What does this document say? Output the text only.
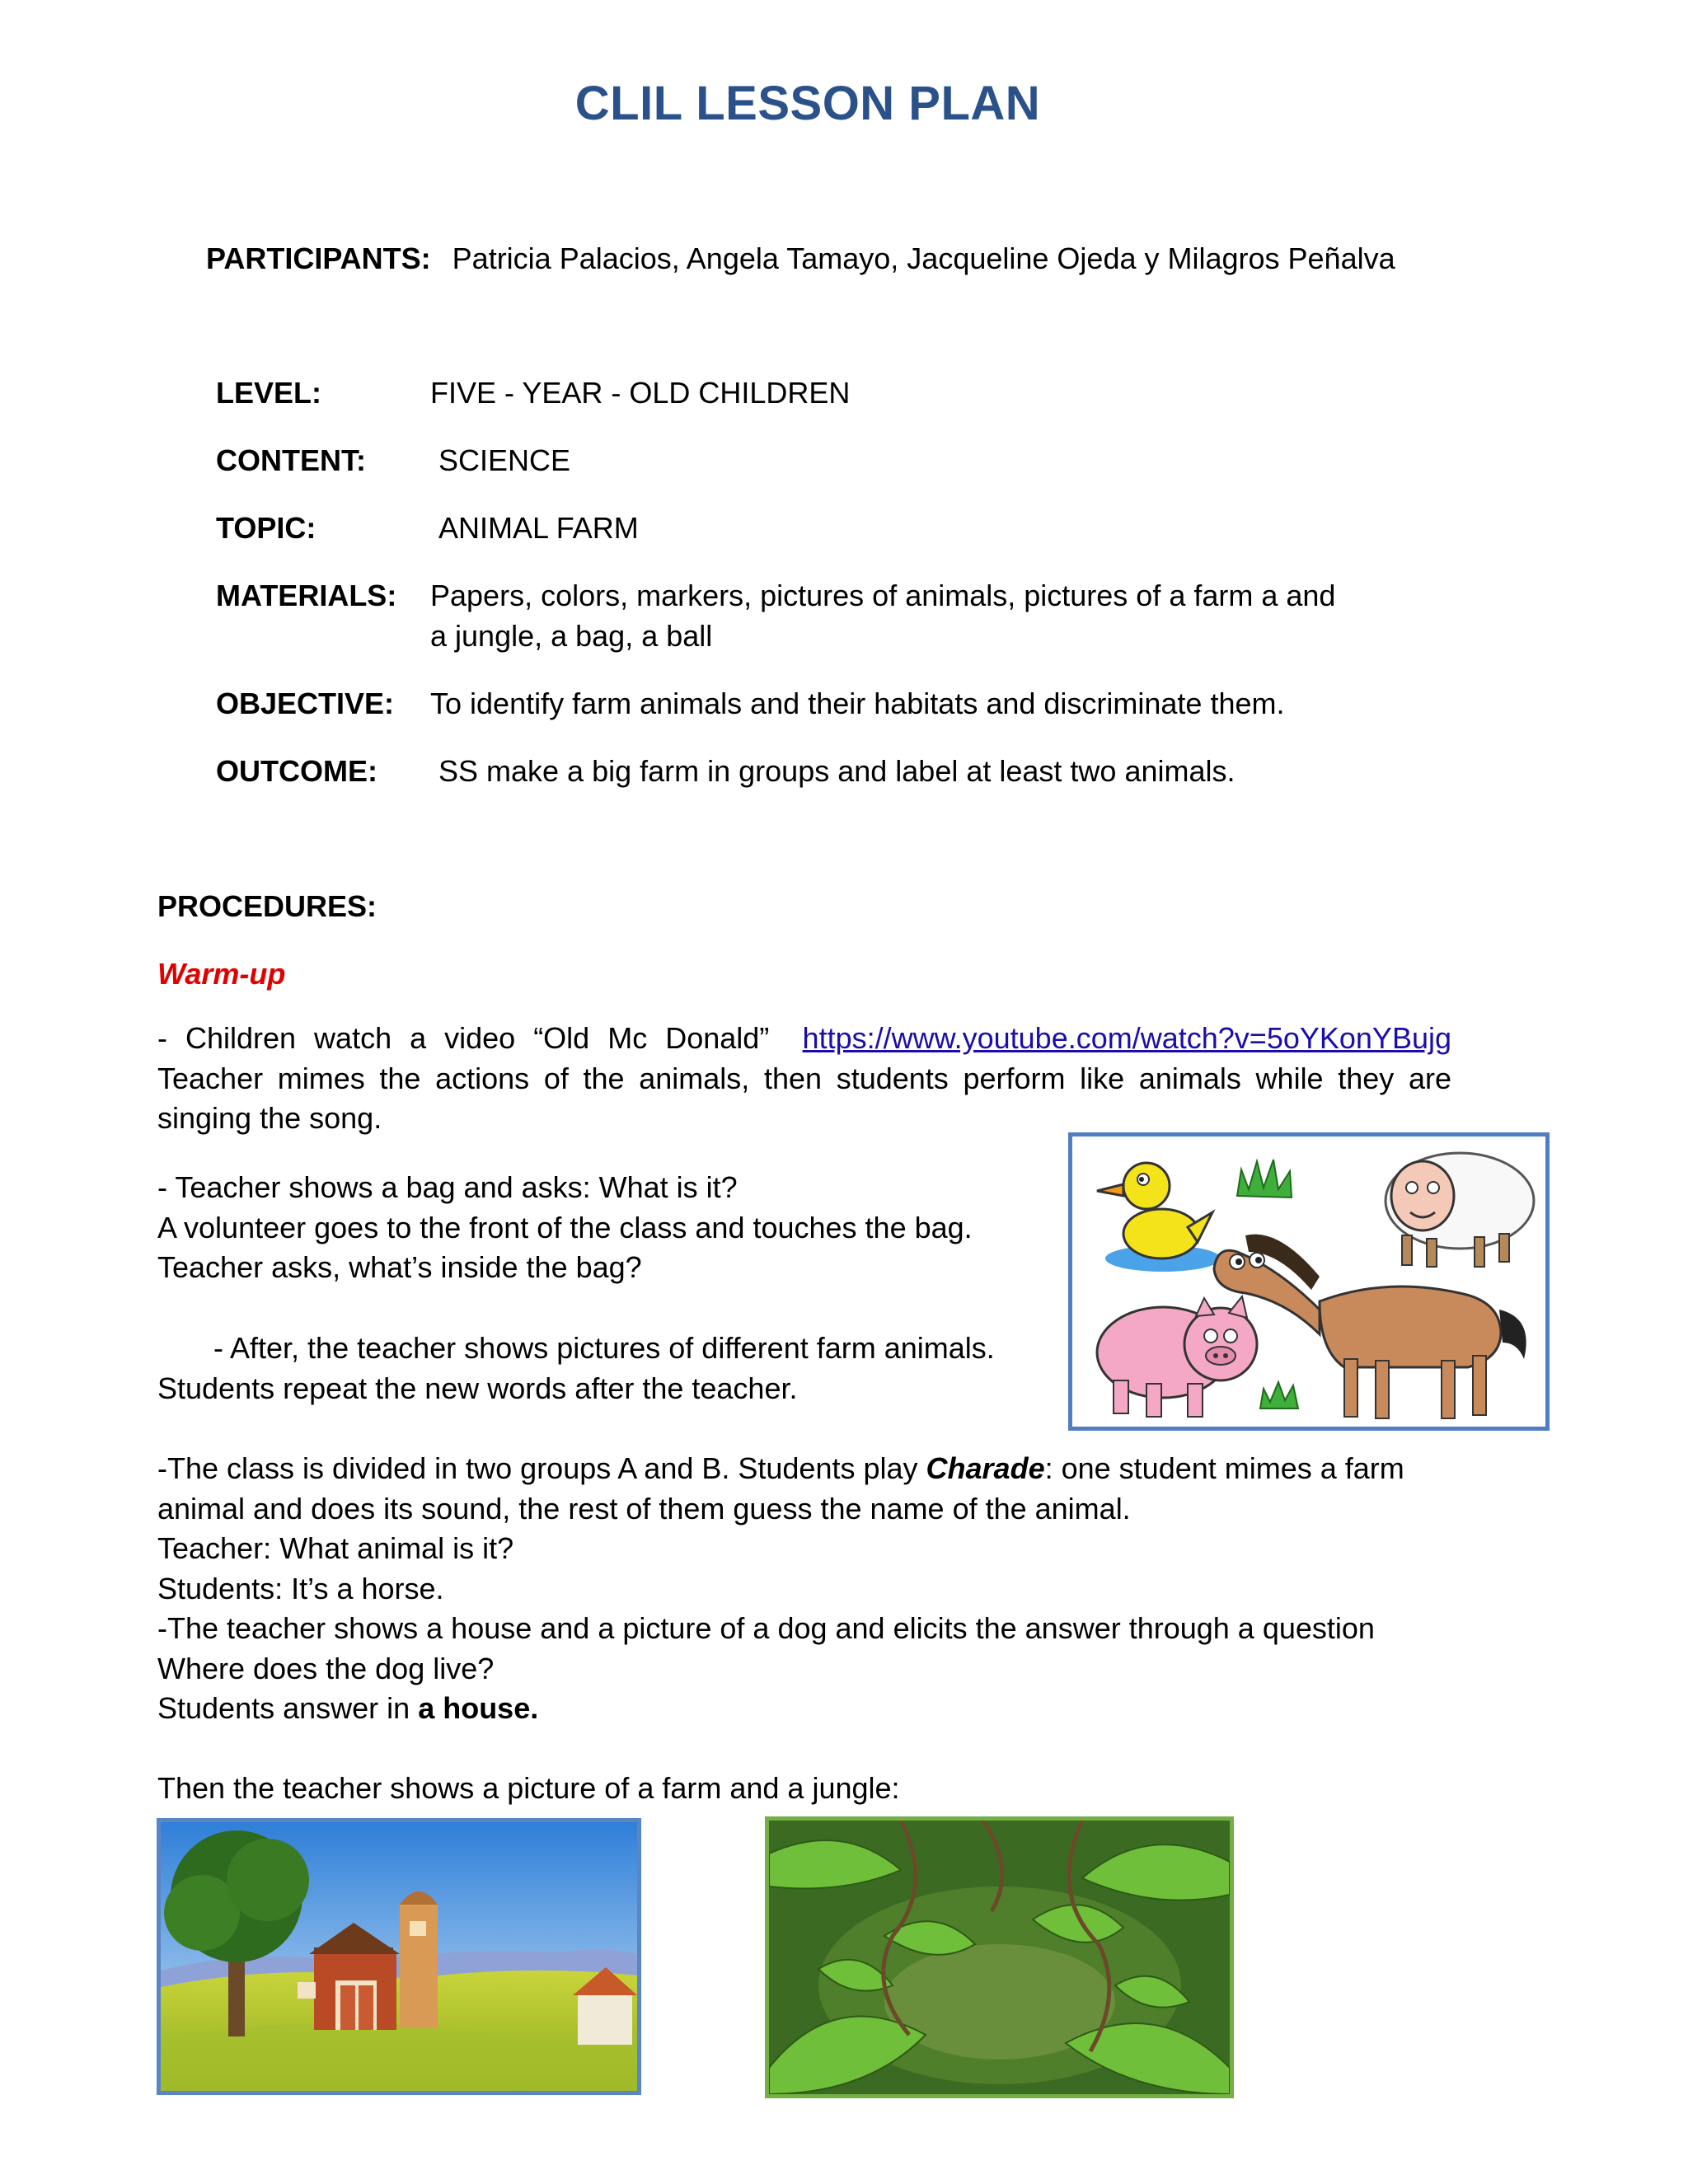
CLIL LESSON PLAN
PARTICIPANTS: Patricia Palacios, Angela Tamayo, Jacqueline Ojeda y Milagros Peñalva
LEVEL:	FIVE - YEAR - OLD CHILDREN
CONTENT: SCIENCE
TOPIC:	ANIMAL FARM
MATERIALS: Papers, colors, markers, pictures of animals, pictures of a farm a and
a jungle, a bag, a ball
OBJECTIVE: To identify farm animals and their habitats and discriminate them.
OUTCOME: SS make a big farm in groups and label at least two animals.
PROCEDURES:
Warm-up
- Children watch a video “Old Mc Donald” https://www.youtube.com/watch?v=5oYKonYBujg
Teacher mimes the actions of the animals, then students perform like animals while they are singing the song.
- Teacher shows a bag and asks: What is it?
A volunteer goes to the front of the class and touches the bag.
Teacher asks, what’s inside the bag?
- After, the teacher shows pictures of different farm animals.
Students repeat the new words after the teacher.
-The class is divided in two groups A and B. Students play Charade: one student mimes a farm animal and does its sound, the rest of them guess the name of the animal.
Teacher: What animal is it?
Students: It’s a horse.
-The teacher shows a house and a picture of a dog and elicits the answer through a question
Where does the dog live?
Students answer in a house.
Then the teacher shows a picture of a farm and a jungle:
